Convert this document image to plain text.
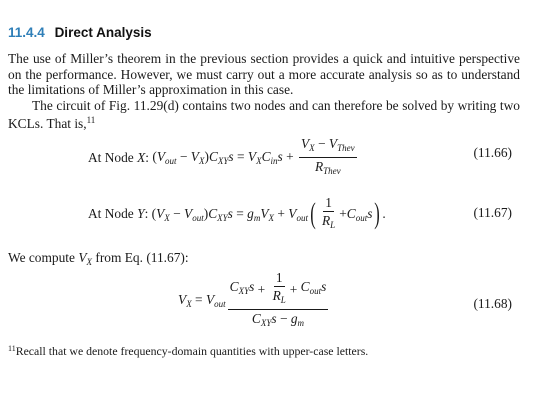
11.4.4 Direct Analysis

The use of Miller’s theorem in the previous section provides a quick and intuitive perspective on the performance. However, we must carry out a more accurate analysis so as to understand the limitations of Miller’s approximation in this case.

The circuit of Fig. 11.29(d) contains two nodes and can therefore be solved by writing two KCLs. That is,$^{11}$

At Node X: $(V_{out} - V_X)C_{XY}s = V_XC_{in}s + \frac{V_X - V_{Thev}}{R_{Thev}}$	(11.66)
At Node Y: $(V_X - V_{out})C_{XY}s = g_mV_X + V_{out}$ ( $\frac{1}{R_L} +C_{out}s$ ) .	(11.67)
We compute $V_X$ from Eq. (11.67):
$V_X = V_{out} \frac{C_{XY}s + \frac{1}{R_L} + C_{out}s}{C_{XY}s - g_m}$	(11.68)
$^{11}$Recall that we denote frequency-domain quantities with upper-case letters.
